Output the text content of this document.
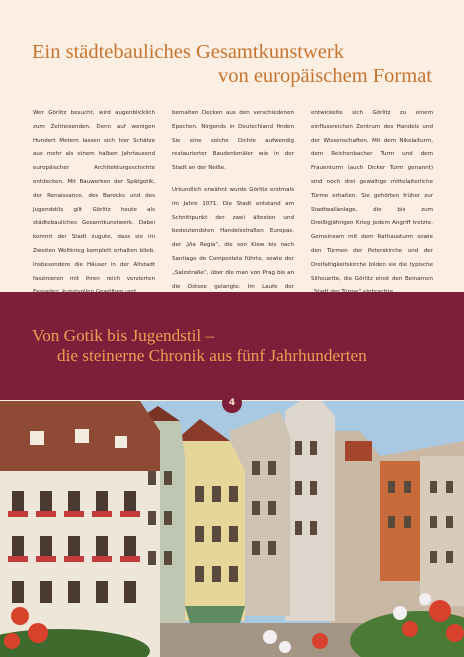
Ein städtebauliches Gesamtkunstwerk
von europäischem Format

Wer Görlitz besucht, wird augenblicklich zum Zeitreisenden. Denn auf wenigen Hundert Metern lassen sich hier Schätze aus mehr als einem halben Jahrtausend europäischer Architekturgeschichte entdecken. Mit Bauwerken der Spätgotik, der Renaissance, des Barocks und des Jugendstils gilt Görlitz heute als städtebauliches Gesamtkunstwerk. Dabei kommt der Stadt zugute, dass sie im Zweiten Weltkrieg komplett erhalten blieb. Insbesondere die Häuser in der Altstadt faszinieren mit ihren reich verzierten

bemalten Decken aus den verschiedenen Epochen. Nirgends in Deutschland finden Sie eine solche Dichte aufwendig restaurierter Baudenkmäler wie in der Stadt an der Neiße.

Urkundlich erwähnt wurde Görlitz erstmals im Jahre 1071. Die Stadt entstand am Schnittpunkt der zwei ältesten und bedeutendsten Handelsstraßen Europas, der „Via Regia“, die von Kiew bis nach Santiago de Compostela führte, sowie der „Salzstraße“, über die man von Prag bis an die Ostsee gelangte. Im Laufe der

entwickelte sich Görlitz zu einem einflussreichen Zentrum des Handels und der Wissenschaften. Mit dem Nikolaiturm, dem Reichenbacher Turm und dem Frauenturm (auch Dicker Turm genannt) sind noch drei gewaltige mittelalterliche Türme erhalten. Sie gehörten früher zur Stadtwallanlage, die bis zum Dreißigjährigen Krieg jedem Angriff trotzte. Gemeinsam mit dem Rathausturm sowie den Türmen der Peterskirche und der Dreifaltigkeitskirche bilden sie die typische Silhouette, die Görlitz einst den Beinamen

Von Gotik bis Jugendstil –
die steinerne Chronik aus fünf Jahrhunderten
4
